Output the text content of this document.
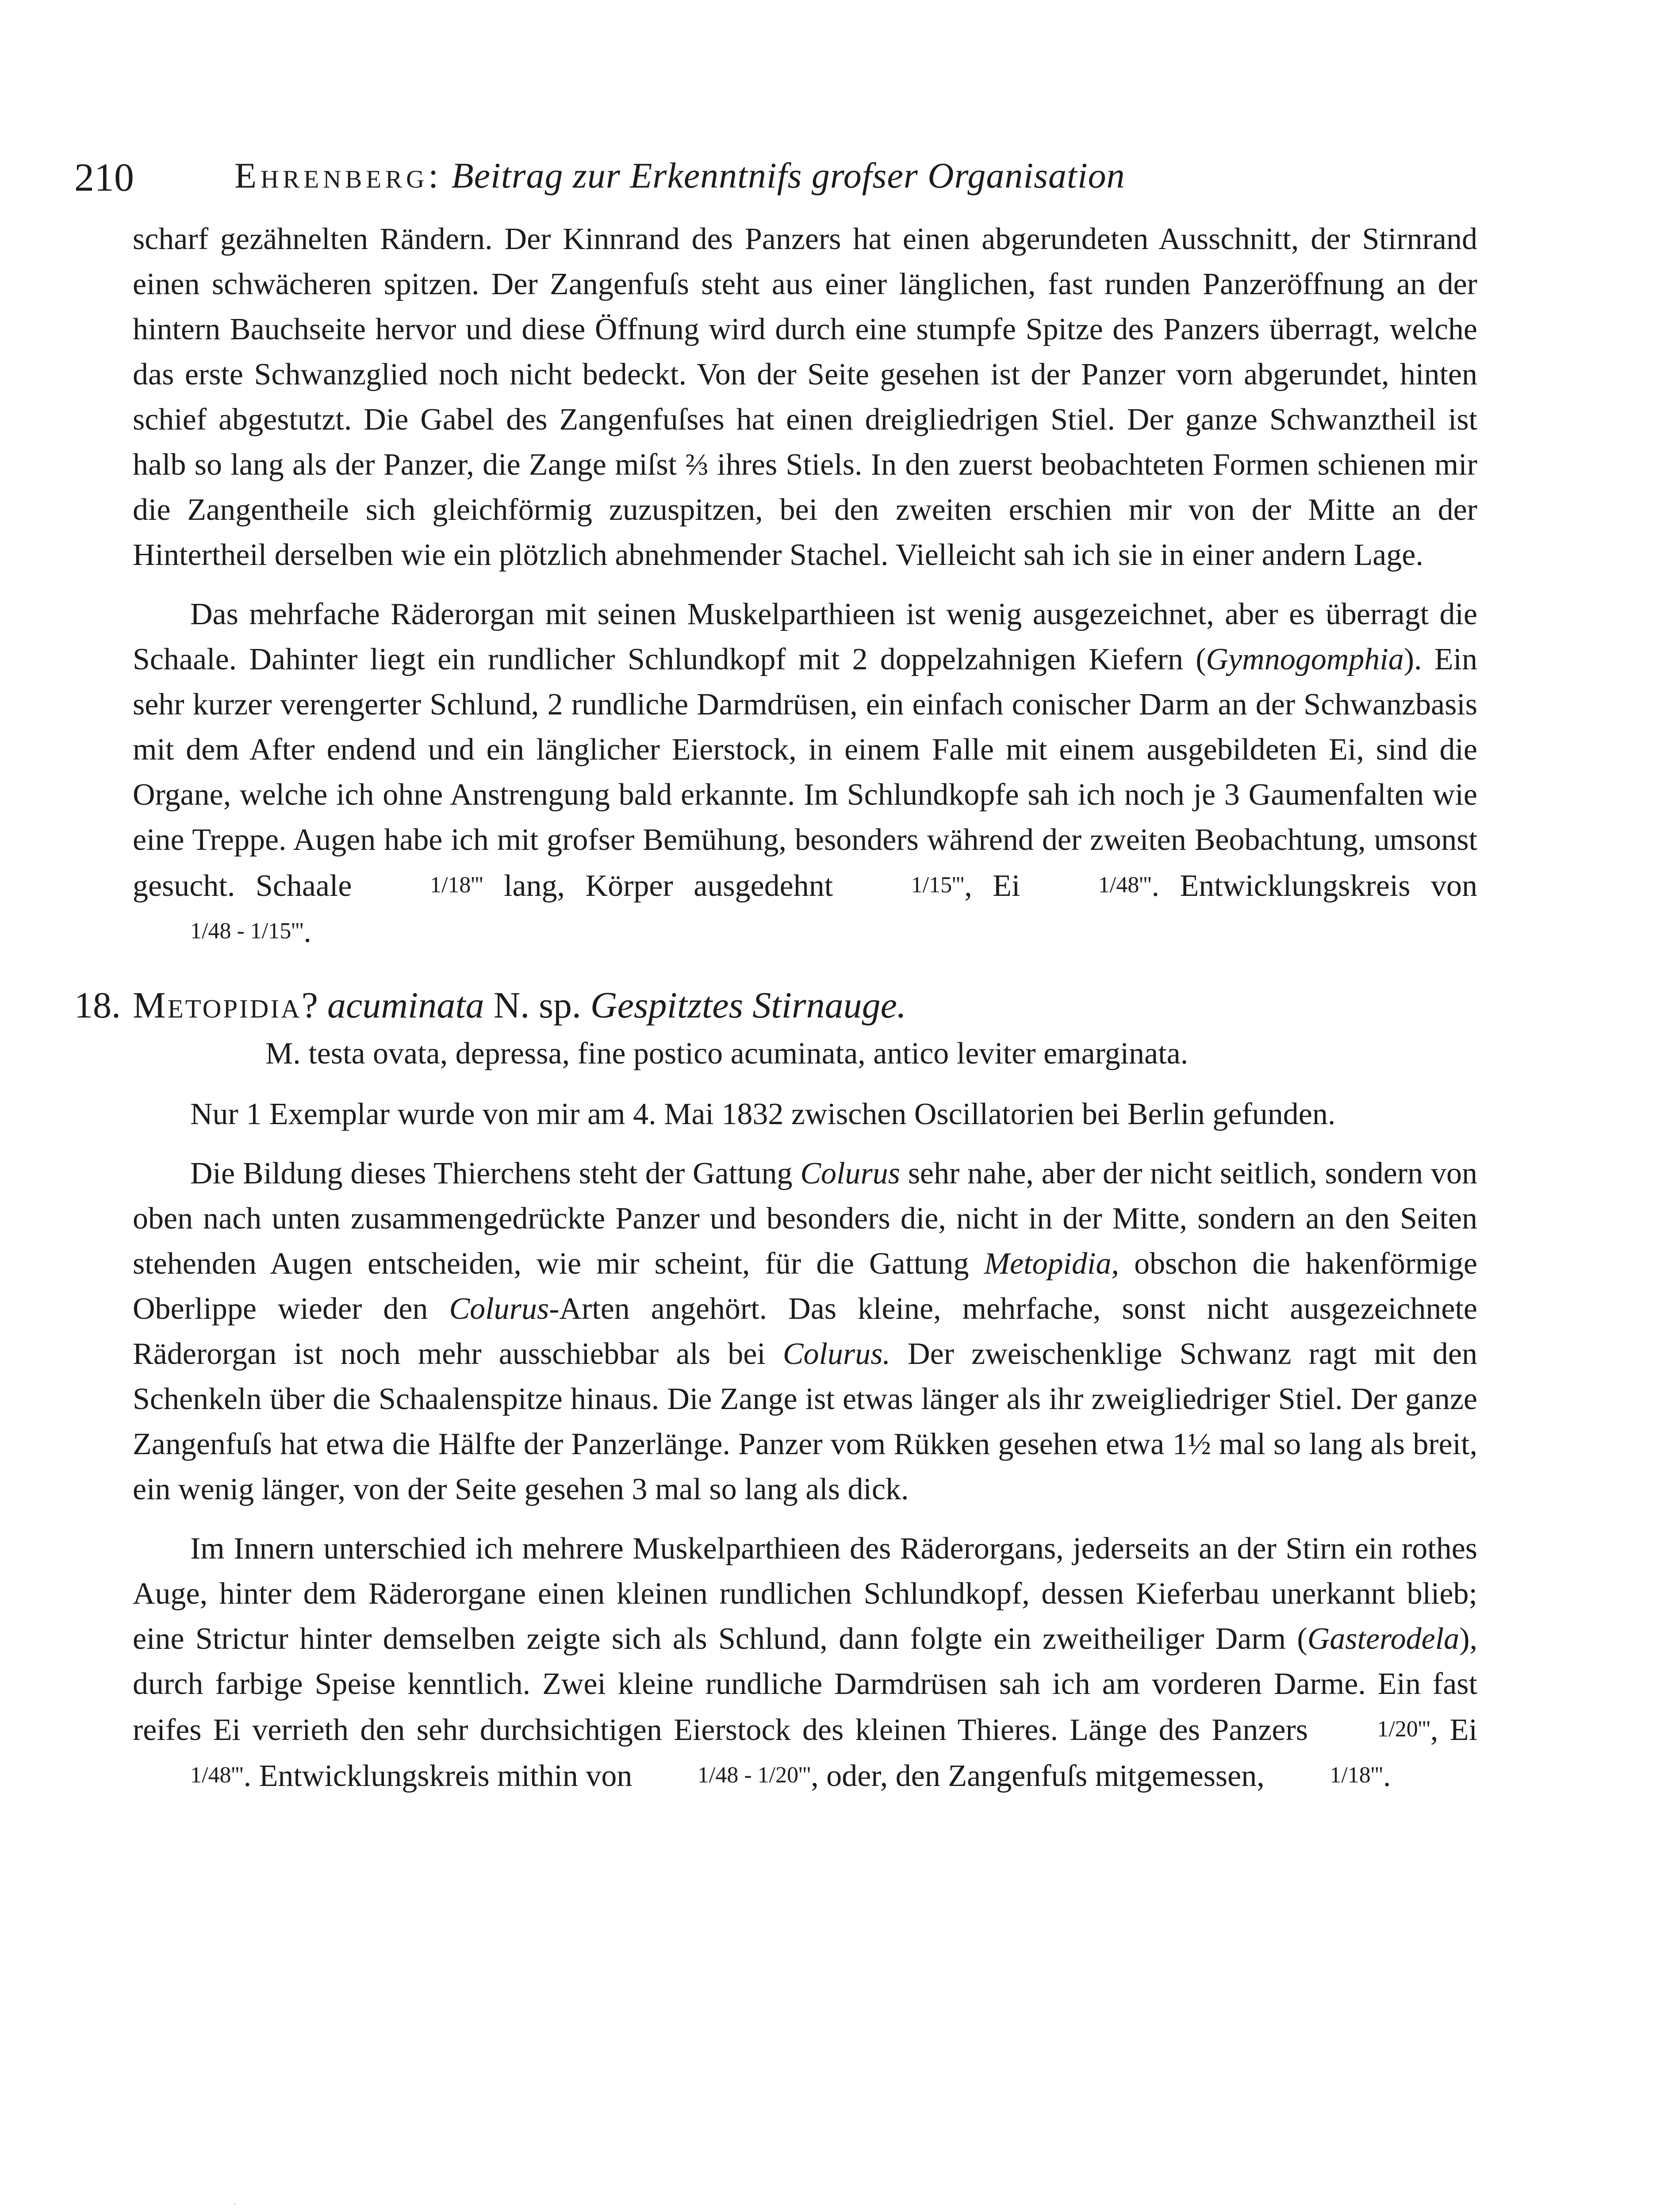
210	Ehrenberg: Beitrag zur Erkenntnifs grofser Organisation

scharf gezähnelten Rändern. Der Kinnrand des Panzers hat einen abgerundeten Ausschnitt, der Stirnrand einen schwächeren spitzen. Der Zangenfuſs steht aus einer länglichen, fast runden Panzeröffnung an der hintern Bauchseite hervor und diese Öffnung wird durch eine stumpfe Spitze des Panzers überragt, welche das erste Schwanzglied noch nicht bedeckt. Von der Seite gesehen ist der Panzer vorn abgerundet, hinten schief abgestutzt. Die Gabel des Zangenfuſses hat einen dreigliedrigen Stiel. Der ganze Schwanztheil ist halb so lang als der Panzer, die Zange miſst ⅔ ihres Stiels. In den zuerst beobachteten Formen schienen mir die Zangentheile sich gleichförmig zuzuspitzen, bei den zweiten erschien mir von der Mitte an der Hintertheil derselben wie ein plötzlich abnehmender Stachel. Vielleicht sah ich sie in einer andern Lage.

Das mehrfache Räderorgan mit seinen Muskelparthieen ist wenig ausgezeichnet, aber es überragt die Schaale. Dahinter liegt ein rundlicher Schlundkopf mit 2 doppelzahnigen Kiefern (Gymnogomphia). Ein sehr kurzer verengerter Schlund, 2 rundliche Darmdrüsen, ein einfach conischer Darm an der Schwanzbasis mit dem After endend und ein länglicher Eierstock, in einem Falle mit einem ausgebildeten Ei, sind die Organe, welche ich ohne Anstrengung bald erkannte. Im Schlundkopfe sah ich noch je 3 Gaumenfalten wie eine Treppe. Augen habe ich mit grofser Bemühung, besonders während der zweiten Beobachtung, umsonst gesucht. Schaale	1/18''' lang, Körper ausgedehnt	1/15''', Ei	1/48'''. Entwicklungskreis von 1/48 - 1/15'''.

18. Metopidia? acuminata N. sp. Gespitztes Stirnauge.
M. testa ovata, depressa, fine postico acuminata, antico leviter emarginata.

Nur 1 Exemplar wurde von mir am 4. Mai 1832 zwischen Oscillatorien bei Berlin gefunden.

Die Bildung dieses Thierchens steht der Gattung Colurus sehr nahe, aber der nicht seitlich, sondern von oben nach unten zusammengedrückte Panzer und besonders die, nicht in der Mitte, sondern an den Seiten stehenden Augen entscheiden, wie mir scheint, für die Gattung Metopidia, obschon die hakenförmige Oberlippe wieder den Colurus-Arten angehört. Das kleine, mehrfache, sonst nicht ausgezeichnete Räderorgan ist noch mehr ausschiebbar als bei Colurus. Der zweischenklige Schwanz ragt mit den Schenkeln über die Schaalenspitze hinaus. Die Zange ist etwas länger als ihr zweigliedriger Stiel. Der ganze Zangenfuſs hat etwa die Hälfte der Panzerlänge. Panzer vom Rükken gesehen etwa 1½ mal so lang als breit, ein wenig länger, von der Seite gesehen 3 mal so lang als dick.

Im Innern unterschied ich mehrere Muskelparthieen des Räderorgans, jederseits an der Stirn ein rothes Auge, hinter dem Räderorgane einen kleinen rundlichen Schlundkopf, dessen Kieferbau unerkannt blieb; eine Strictur hinter demselben zeigte sich als Schlund, dann folgte ein zweitheiliger Darm (Gasterodela), durch farbige Speise kenntlich. Zwei kleine rundliche Darmdrüsen sah ich am vorderen Darme. Ein fast reifes Ei verrieth den sehr durchsichtigen Eierstock des kleinen Thieres. Länge des Panzers	1/20''', Ei 1/48'''. Entwicklungskreis mithin von	1/48 - 1/20''', oder, den Zangenfuſs mitgemessen,	1/18'''.
